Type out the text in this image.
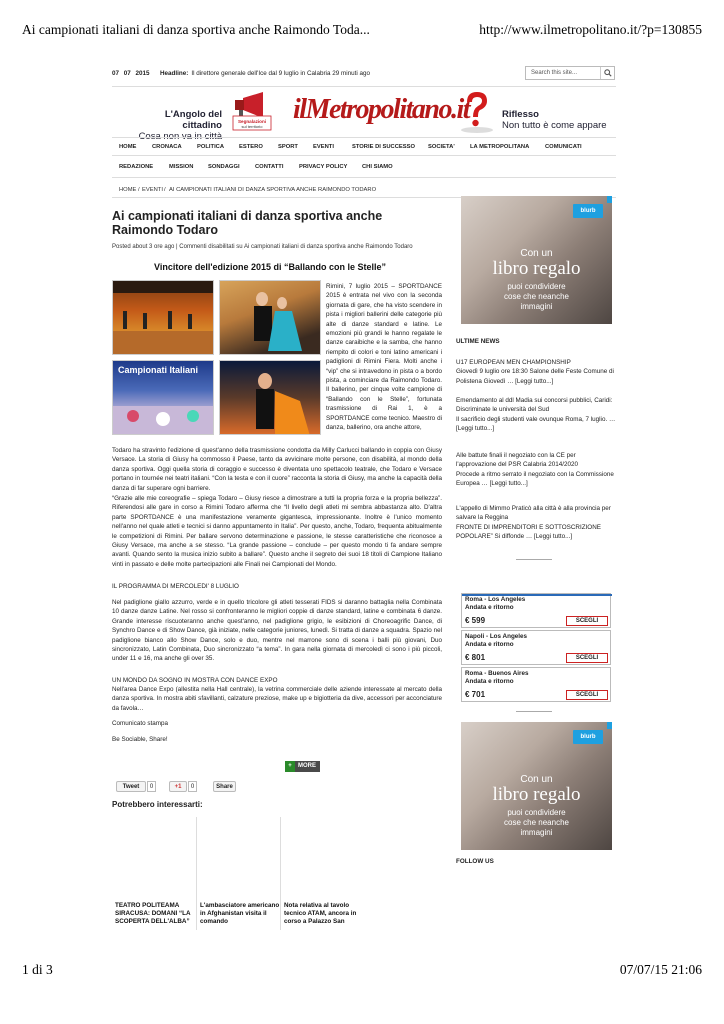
Ai campionati italiani di danza sportiva anche Raimondo Toda...	http://www.ilmetropolitano.it/?p=130855
07 07 2015 Headline: Il direttore generale dell'Ice dal 9 luglio in Calabria 29 minuti ago	Search this site...
L'Angolo del cittadino
Cosa non va in città
Segnalazioni
sul territorio
ilMetropolitano.it	Riflesso
Non tutto è come appare
HOME	CRONACA	POLITICA	ESTERO	SPORT	EVENTI	STORIE DI SUCCESSO SOCIETA'	LA METROPOLITANA	COMUNICATI
REDAZIONE	MISSION	SONDAGGI	CONTATTI	PRIVACY POLICY	CHI SIAMO
HOME / EVENTI / AI CAMPIONATI ITALIANI DI DANZA SPORTIVA ANCHE RAIMONDO TODARO
Ai campionati italiani di danza sportiva anche Raimondo Todaro
Posted about 3 ore ago | Commenti disabilitati su Ai campionati italiani di danza sportiva anche Raimondo Todaro
Vincitore dell'edizione 2015 di “Ballando con le Stelle”
Campionati Italiani
Rimini, 7 luglio 2015 – SPORTDANCE 2015 è entrata nel vivo con la seconda giornata di gare, che ha visto scendere in pista i migliori ballerini delle categorie più alte di danze standard e latine. Le emozioni più grandi le hanno regalate le danze caraibiche e la samba, che hanno riempito di colori e toni latino americani i padiglioni di Rimini Fiera. Molti anche i “vip” che si intravedono in pista o a bordo pista, a cominciare da Raimondo Todaro. Il ballerino, per cinque volte campione di “Ballando con le Stelle”, fortunata trasmissione di Rai 1, è a SPORTDANCE come tecnico. Maestro di danza, ballerino, ora anche attore,
Todaro ha stravinto l'edizione di quest'anno della trasmissione condotta da Milly Carlucci ballando in coppia con Giusy Versace. La storia di Giusy ha commosso il Paese, tanto da avvicinare molte persone, con disabilità, al mondo della danza sportiva. Oggi quella storia di coraggio e successo è diventata uno spettacolo teatrale, che Todaro e Versace portano in tournée nei teatri italiani. “Con la testa e con il cuore” racconta la storia di Giusy, ma anche la capacità della danza di far superare ogni barriere.
“Grazie alle mie coreografie – spiega Todaro – Giusy riesce a dimostrare a tutti la propria forza e la propria bellezza”. Riferendosi alle gare in corso a Rimini Todaro afferma che “Il livello degli atleti mi sembra abbastanza alto. D'altra parte SPORTDANCE è una manifestazione veramente gigantesca, impressionante. Inoltre è l'unico momento nell'anno nel quale atleti e tecnici si danno appuntamento in Italia”. Per questo, anche, Todaro, frequenta abitualmente le competizioni di Rimini. Per ballare servono determinazione e passione, le stesse caratteristiche che riconosce a Giusy Versace, ma anche a se stesso. “La grande passione – conclude – per questo mondo ti fa andare sempre avanti. Quando sento la musica inizio subito a ballare”. Questo anche il segreto dei suoi 18 titoli di Campione Italiano vinti in passato e delle molte partecipazioni alle Finali nei Campionati del Mondo.
IL PROGRAMMA DI MERCOLEDI' 8 LUGLIO
Nel padiglione giallo azzurro, verde e in quello tricolore gli atleti tesserati FIDS si daranno battaglia nella Combinata 10 danze danze Latine. Nel rosso si confronteranno le migliori coppie di danze standard, latine e combinata 6 danze. Grande interesse riscuoteranno anche quest'anno, nel padiglione grigio, le esibizioni di Choreoagrific Dance, di Synchro Dance e di Show Dance, già iniziate, nelle categorie juniores, lunedì. Si tratta di danze a squadra. Spazio nel padiglione bianco allo Show Dance, solo e duo, mentre nel marrone sono di scena i balli più giovani, Duo sincronizzato, Latin Combinata, Duo sincronizzato “a tema”. In gara nella giornata di mercoledì ci sono i più piccoli, under 11 e 16, ma anche gli over 35.
UN MONDO DA SOGNO IN MOSTRA CON DANCE EXPO
Nell'area Dance Expo (allestita nella Hall centrale), la vetrina commerciale delle aziende interessate al mercato della danza sportiva. In mostra abiti sfavillanti, calzature preziose, make up e bigiotteria da dive, accessori per acconciature da favola…
Comunicato stampa
Be Sociable, Share!
+	MORE
Tweet	0	+1	0	Share
Potrebbero interessarti:
TEATRO POLITEAMA SIRACUSA: DOMANI “LA SCOPERTA DELL'ALBA”
L'ambasciatore americano in Afghanistan visita il comando
Nota relativa al tavolo tecnico ATAM, ancora in corso a Palazzo San
blurb
Con un
libro regalo
puoi condividere
cose che neanche
immagini
ULTIME NEWS
U17 EUROPEAN MEN CHAMPIONSHIP
Giovedì 9 luglio ore 18:30 Salone delle Feste Comune di Polistena Giovedì … [Leggi tutto...]
Emendamento al ddl Madia sui concorsi pubblici, Caridi: Discriminate le università del Sud
Il sacrificio degli studenti vale ovunque Roma, 7 luglio. … [Leggi tutto...]
Alle battute finali il negoziato con la CE per l'approvazione del PSR Calabria 2014/2020
Procede a ritmo serrato il negoziato con la Commissione Europea … [Leggi tutto...]
L'appello di Mimmo Praticò alla città è alla provincia per salvare la Reggina
FRONTE DI IMPRENDITORI E SOTTOSCRIZIONE POPOLARE” Si diffonde … [Leggi tutto...]
Roma - Los Angeles
Andata e ritorno
€ 599	SCEGLI
Napoli - Los Angeles
Andata e ritorno
€ 801	SCEGLI
Roma - Buenos Aires
Andata e ritorno
€ 701	SCEGLI
blurb
Con un
libro regalo
puoi condividere
cose che neanche
immagini
FOLLOW US
1 di 3	07/07/15 21:06
